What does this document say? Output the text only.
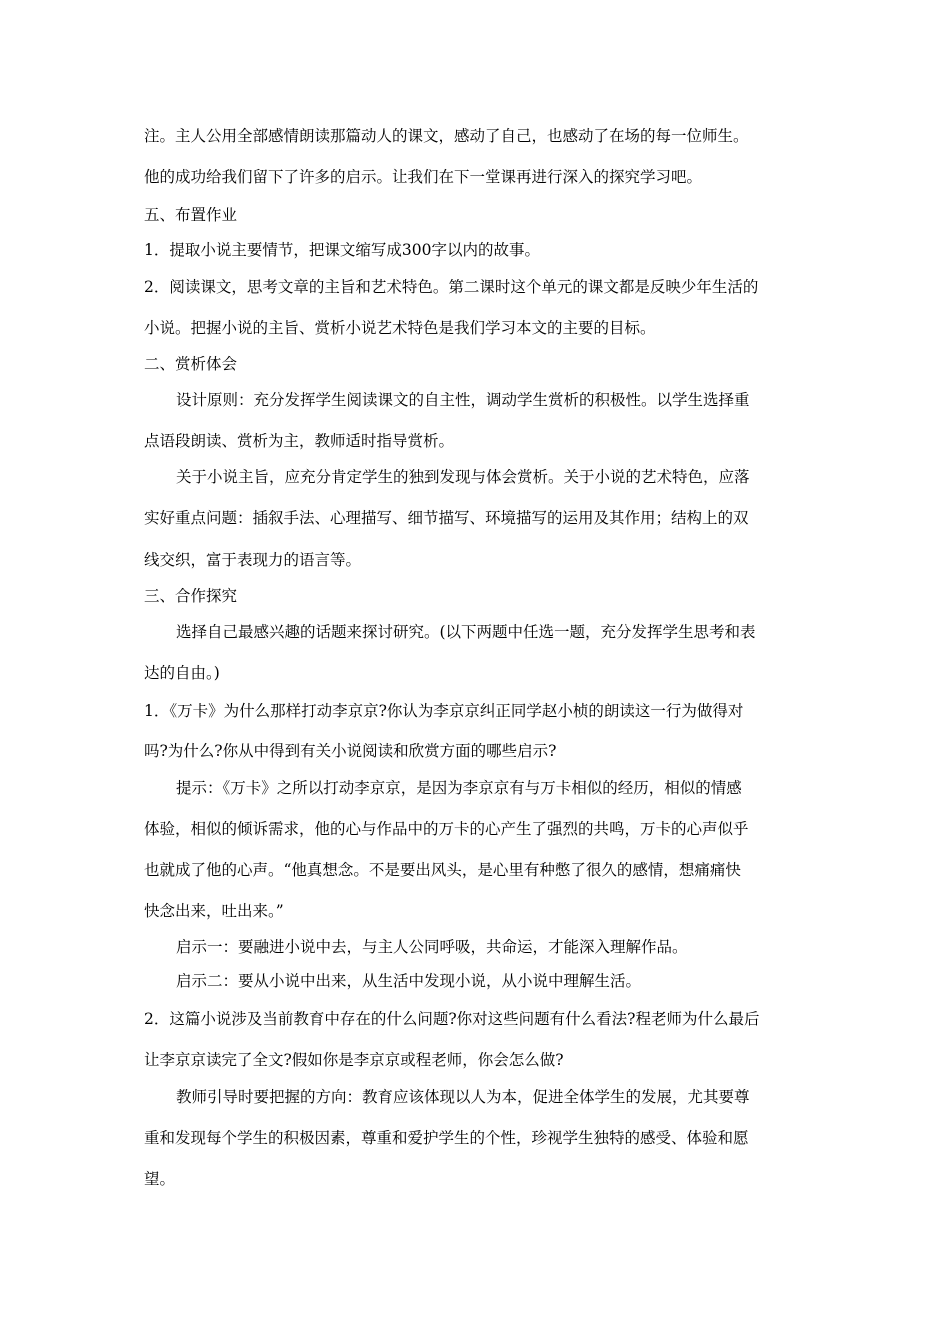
注。主人公用全部感情朗读那篇动人的课文，感动了自己，也感动了在场的每一位师生。
他的成功给我们留下了许多的启示。让我们在下一堂课再进行深入的探究学习吧。
五、布置作业
1．提取小说主要情节，把课文缩写成300字以内的故事。
2．阅读课文，思考文章的主旨和艺术特色。第二课时这个单元的课文都是反映少年生活的
小说。把握小说的主旨、赏析小说艺术特色是我们学习本文的主要的目标。
二、赏析体会
设计原则：充分发挥学生阅读课文的自主性，调动学生赏析的积极性。以学生选择重
点语段朗读、赏析为主，教师适时指导赏析。
关于小说主旨，应充分肯定学生的独到发现与体会赏析。关于小说的艺术特色，应落
实好重点问题：插叙手法、心理描写、细节描写、环境描写的运用及其作用；结构上的双
线交织，富于表现力的语言等。
三、合作探究
选择自己最感兴趣的话题来探讨研究。(以下两题中任选一题，充分发挥学生思考和表
达的自由。)
1．《万卡》为什么那样打动李京京?你认为李京京纠正同学赵小桢的朗读这一行为做得对
吗?为什么?你从中得到有关小说阅读和欣赏方面的哪些启示?
提示：《万卡》之所以打动李京京，是因为李京京有与万卡相似的经历，相似的情感
体验，相似的倾诉需求，他的心与作品中的万卡的心产生了强烈的共鸣，万卡的心声似乎
也就成了他的心声。“他真想念。不是要出风头，是心里有种憋了很久的感情，想痛痛快
快念出来，吐出来。”
启示一：要融进小说中去，与主人公同呼吸，共命运，才能深入理解作品。
启示二：要从小说中出来，从生活中发现小说，从小说中理解生活。
2．这篇小说涉及当前教育中存在的什么问题?你对这些问题有什么看法?程老师为什么最后
让李京京读完了全文?假如你是李京京或程老师，你会怎么做?
教师引导时要把握的方向：教育应该体现以人为本，促进全体学生的发展，尤其要尊
重和发现每个学生的积极因素，尊重和爱护学生的个性，珍视学生独特的感受、体验和愿
望。
